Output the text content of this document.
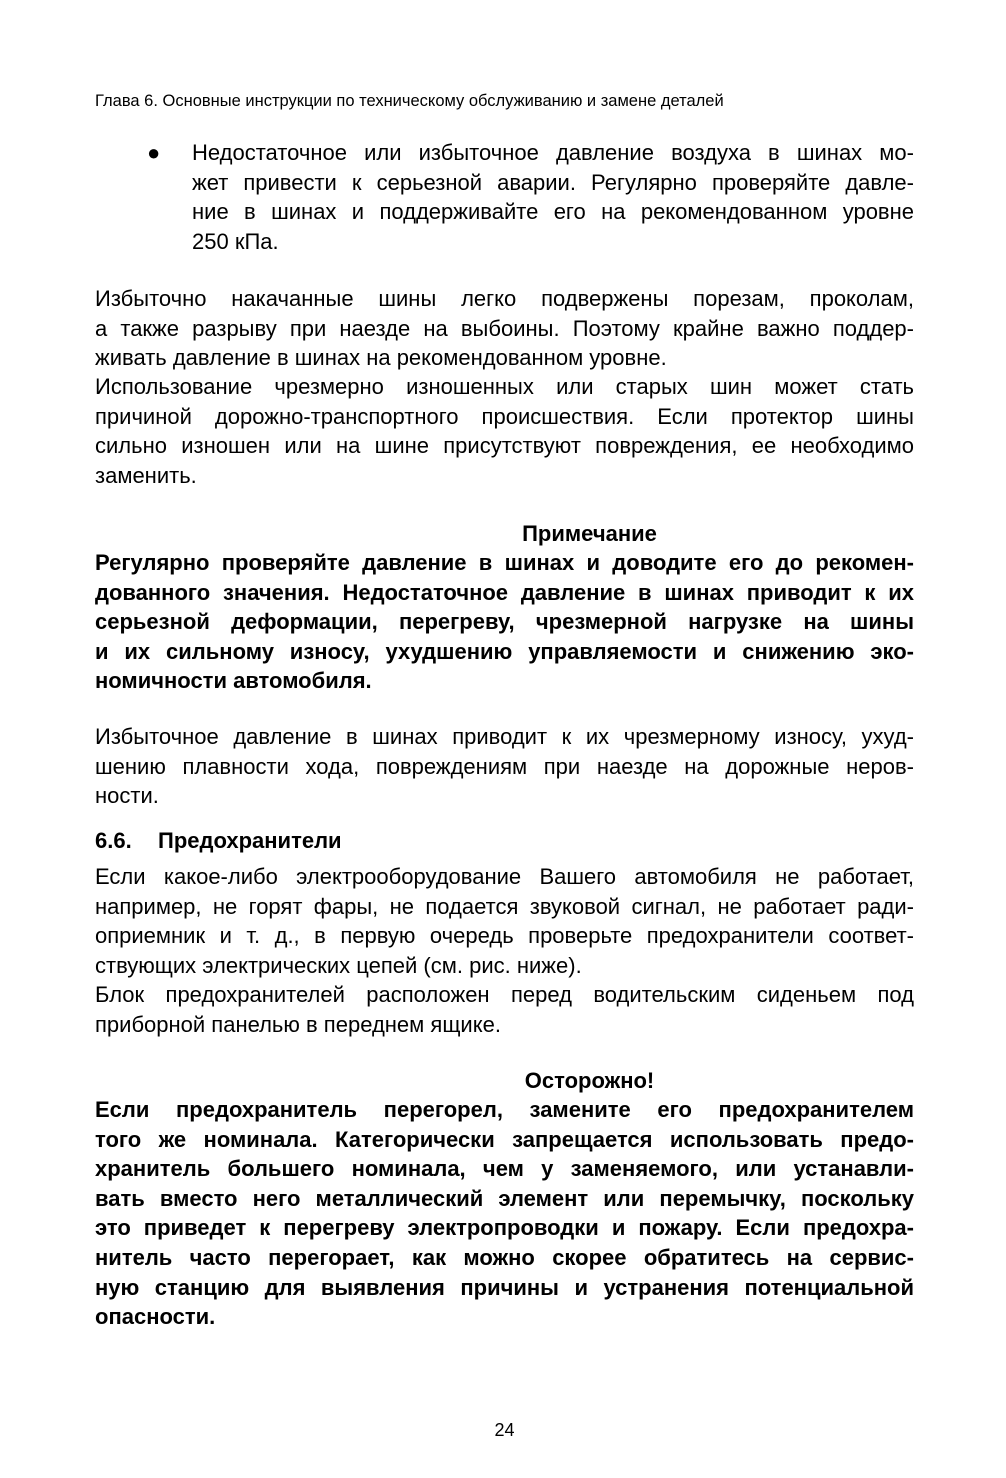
Глава 6. Основные инструкции по техническому обслуживанию и замене деталей
● Недостаточное или избыточное давление воздуха в шинах мо-
жет привести к серьезной аварии. Регулярно проверяйте давле-
ние в шинах и поддерживайте его на рекомендованном уровне
250 кПа.
Избыточно накачанные шины легко подвержены порезам, проколам,
а также разрыву при наезде на выбоины. Поэтому крайне важно поддер-
живать давление в шинах на рекомендованном уровне.
Использование чрезмерно изношенных или старых шин может стать
причиной дорожно-транспортного происшествия. Если протектор шины
сильно изношен или на шине присутствуют повреждения, ее необходимо
заменить.
Примечание
Регулярно проверяйте давление в шинах и доводите его до рекомен-
дованного значения. Недостаточное давление в шинах приводит к их
серьезной деформации, перегреву, чрезмерной нагрузке на шины
и их сильному износу, ухудшению управляемости и снижению эко-
номичности автомобиля.
Избыточное давление в шинах приводит к их чрезмерному износу, ухуд-
шению плавности хода, повреждениям при наезде на дорожные неров-
ности.
6.6. Предохранители
Если какое-либо электрооборудование Вашего автомобиля не работает,
например, не горят фары, не подается звуковой сигнал, не работает ради-
оприемник и т. д., в первую очередь проверьте предохранители соответ-
ствующих электрических цепей (см. рис. ниже).
Блок предохранителей расположен перед водительским сиденьем под
приборной панелью в переднем ящике.
Осторожно!
Если предохранитель перегорел, замените его предохранителем
того же номинала. Категорически запрещается использовать предо-
хранитель большего номинала, чем у заменяемого, или устанавли-
вать вместо него металлический элемент или перемычку, поскольку
это приведет к перегреву электропроводки и пожару. Если предохра-
нитель часто перегорает, как можно скорее обратитесь на сервис-
ную станцию для выявления причины и устранения потенциальной
опасности.
24
